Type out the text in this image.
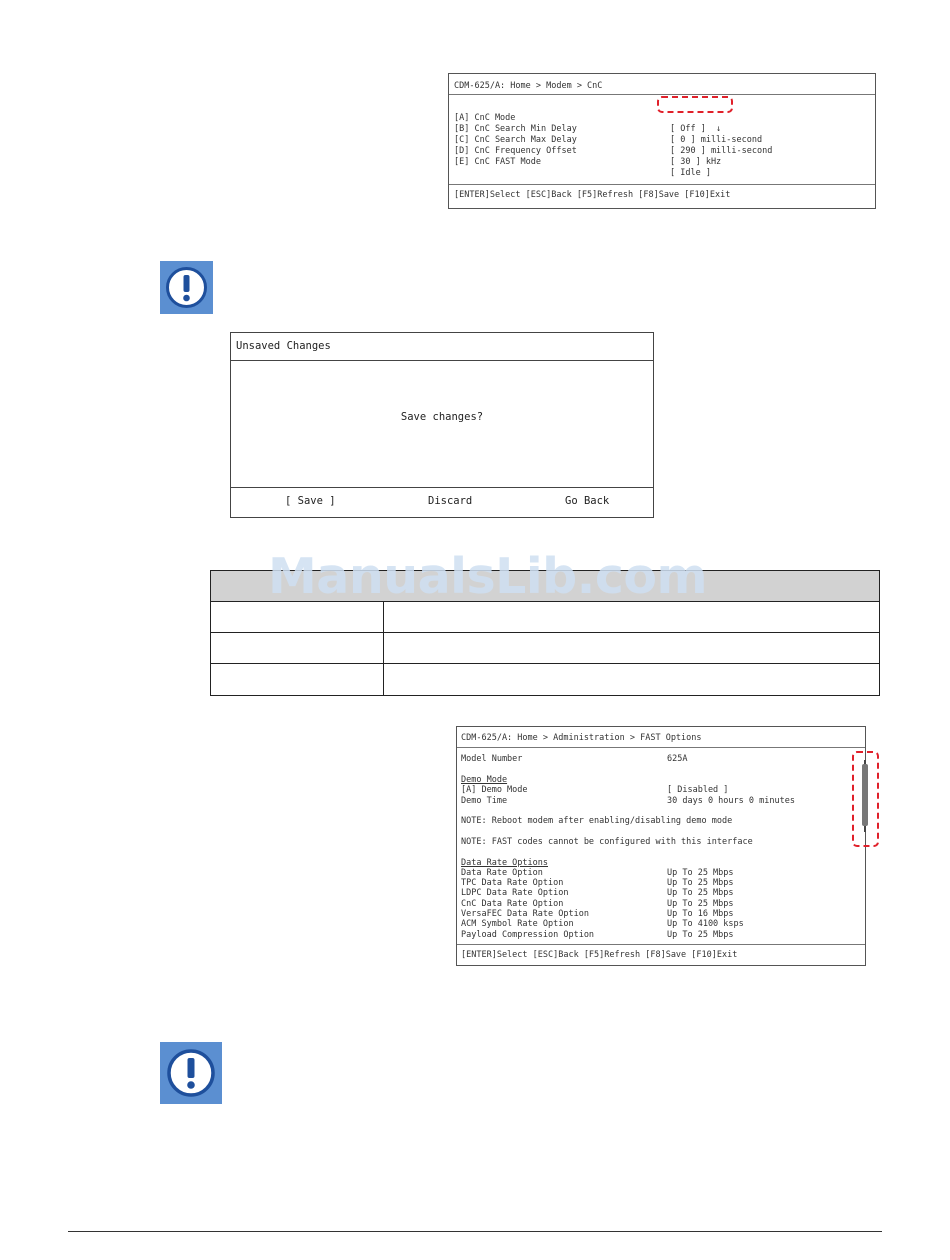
CDM-625/A: Home > Modem > CnC

[A] CnC Mode

[ Off ]  ↓

[B] CnC Search Min Delay

[ 0 ] milli-second

[C] CnC Search Max Delay

[ 290 ] milli-second

[D] CnC Frequency Offset

[ 30 ] kHz

[E] CnC FAST Mode

[ Idle ]

[ENTER]Select [ESC]Back [F5]Refresh [F8]Save [F10]Exit

Unsaved Changes
Save changes?
[ Save ]	Discard	Go Back
ManualsLib.com

CDM-625/A: Home > Administration > FAST Options

Model Number

	625A

Demo Mode

[A] Demo Mode

	[ Disabled ]

Demo Time

	30 days 0 hours 0 minutes

NOTE: Reboot modem after enabling/disabling demo mode

NOTE: FAST codes cannot be configured with this interface

Data Rate Options

Data Rate Option

	Up To 25 Mbps

TPC Data Rate Option

	Up To 25 Mbps

LDPC Data Rate Option

	Up To 25 Mbps

CnC Data Rate Option

	Up To 25 Mbps

VersaFEC Data Rate Option

	Up To 16 Mbps

ACM Symbol Rate Option

	Up To 4100 ksps

Payload Compression Option

	Up To 25 Mbps

[ENTER]Select [ESC]Back [F5]Refresh [F8]Save [F10]Exit
